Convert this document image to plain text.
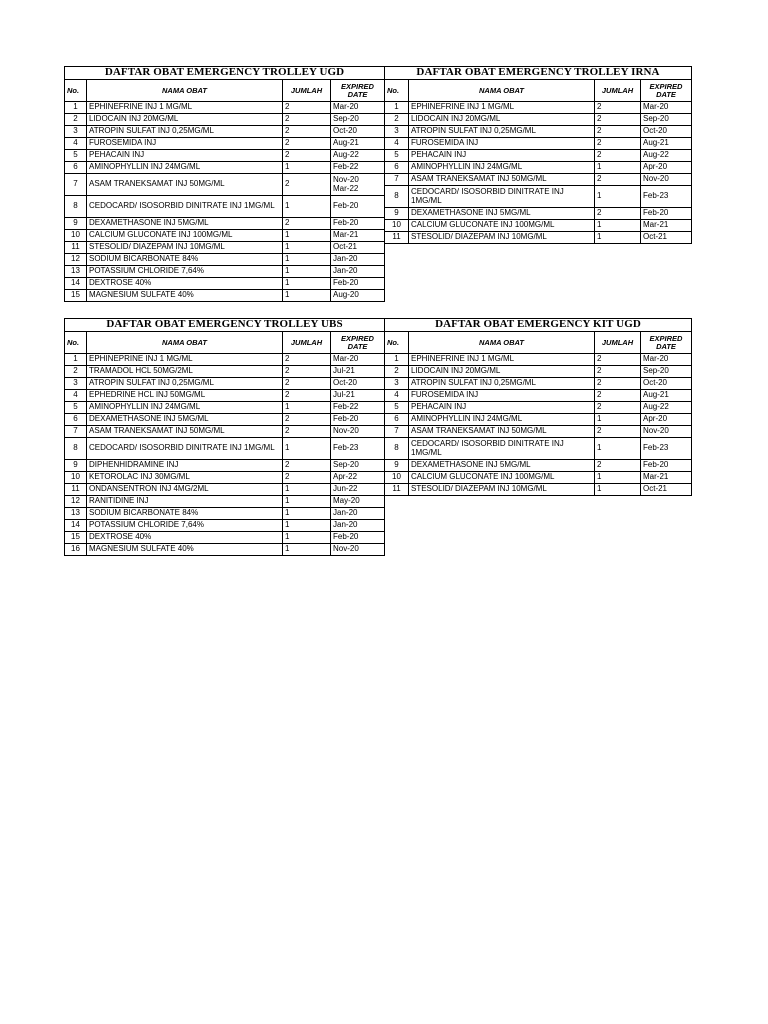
DAFTAR OBAT EMERGENCY TROLLEY UGD			
No.	NAMA OBAT	JUMLAH	EXPIRED DATE
1	EPHINEFRINE INJ 1 MG/ML	2	Mar-20
2	LIDOCAIN INJ 20MG/ML	2	Sep-20
3	ATROPIN SULFAT INJ 0,25MG/ML	2	Oct-20
4	FUROSEMIDA INJ	2	Aug-21
5	PEHACAIN INJ	2	Aug-22
6	AMINOPHYLLIN INJ 24MG/ML	1	Feb-22
7	ASAM TRANEKSAMAT INJ 50MG/ML	2	Nov-20
Mar-22
8	CEDOCARD/ ISOSORBID DINITRATE INJ 1MG/ML	1	Feb-20
9	DEXAMETHASONE INJ 5MG/ML	2	Feb-20
10	CALCIUM GLUCONATE INJ 100MG/ML	1	Mar-21
11	STESOLID/ DIAZEPAM INJ 10MG/ML	1	Oct-21
12	SODIUM BICARBONATE 84%	1	Jan-20
13	POTASSIUM CHLORIDE 7,64%	1	Jan-20
14	DEXTROSE 40%	1	Feb-20
15	MAGNESIUM SULFATE 40%	1	Aug-20
DAFTAR OBAT EMERGENCY TROLLEY IRNA			
No.	NAMA OBAT	JUMLAH	EXPIRED DATE
1	EPHINEFRINE INJ 1 MG/ML	2	Mar-20
2	LIDOCAIN INJ 20MG/ML	2	Sep-20
3	ATROPIN SULFAT INJ 0,25MG/ML	2	Oct-20
4	FUROSEMIDA INJ	2	Aug-21
5	PEHACAIN INJ	2	Aug-22
6	AMINOPHYLLIN INJ 24MG/ML	1	Apr-20
7	ASAM TRANEKSAMAT INJ 50MG/ML	2	Nov-20
8	CEDOCARD/ ISOSORBID DINITRATE INJ 1MG/ML	1	Feb-23
9	DEXAMETHASONE INJ 5MG/ML	2	Feb-20
10	CALCIUM GLUCONATE INJ 100MG/ML	1	Mar-21
11	STESOLID/ DIAZEPAM INJ 10MG/ML	1	Oct-21
DAFTAR OBAT EMERGENCY TROLLEY UBS			
No.	NAMA OBAT	JUMLAH	EXPIRED DATE
1	EPHINEPRINE INJ 1 MG/ML	2	Mar-20
2	TRAMADOL HCL 50MG/2ML	2	Jul-21
3	ATROPIN SULFAT INJ 0,25MG/ML	2	Oct-20
4	EPHEDRINE HCL INJ 50MG/ML	2	Jul-21
5	AMINOPHYLLIN INJ 24MG/ML	1	Feb-22
6	DEXAMETHASONE INJ 5MG/ML	2	Feb-20
7	ASAM TRANEKSAMAT INJ 50MG/ML	2	Nov-20
8	CEDOCARD/ ISOSORBID DINITRATE INJ 1MG/ML	1	Feb-23
9	DIPHENHIDRAMINE INJ	2	Sep-20
10	KETOROLAC INJ 30MG/ML	2	Apr-22
11	ONDANSENTRON INJ 4MG/2ML	1	Jun-22
12	RANITIDINE INJ	1	May-20
13	SODIUM BICARBONATE 84%	1	Jan-20
14	POTASSIUM CHLORIDE 7,64%	1	Jan-20
15	DEXTROSE 40%	1	Feb-20
16	MAGNESIUM SULFATE 40%	1	Nov-20
DAFTAR OBAT EMERGENCY KIT UGD			
No.	NAMA OBAT	JUMLAH	EXPIRED DATE
1	EPHINEFRINE INJ 1 MG/ML	2	Mar-20
2	LIDOCAIN INJ 20MG/ML	2	Sep-20
3	ATROPIN SULFAT INJ 0,25MG/ML	2	Oct-20
4	FUROSEMIDA INJ	2	Aug-21
5	PEHACAIN INJ	2	Aug-22
6	AMINOPHYLLIN INJ 24MG/ML	1	Apr-20
7	ASAM TRANEKSAMAT INJ 50MG/ML	2	Nov-20
8	CEDOCARD/ ISOSORBID DINITRATE INJ 1MG/ML	1	Feb-23
9	DEXAMETHASONE INJ 5MG/ML	2	Feb-20
10	CALCIUM GLUCONATE INJ 100MG/ML	1	Mar-21
11	STESOLID/ DIAZEPAM INJ 10MG/ML	1	Oct-21
